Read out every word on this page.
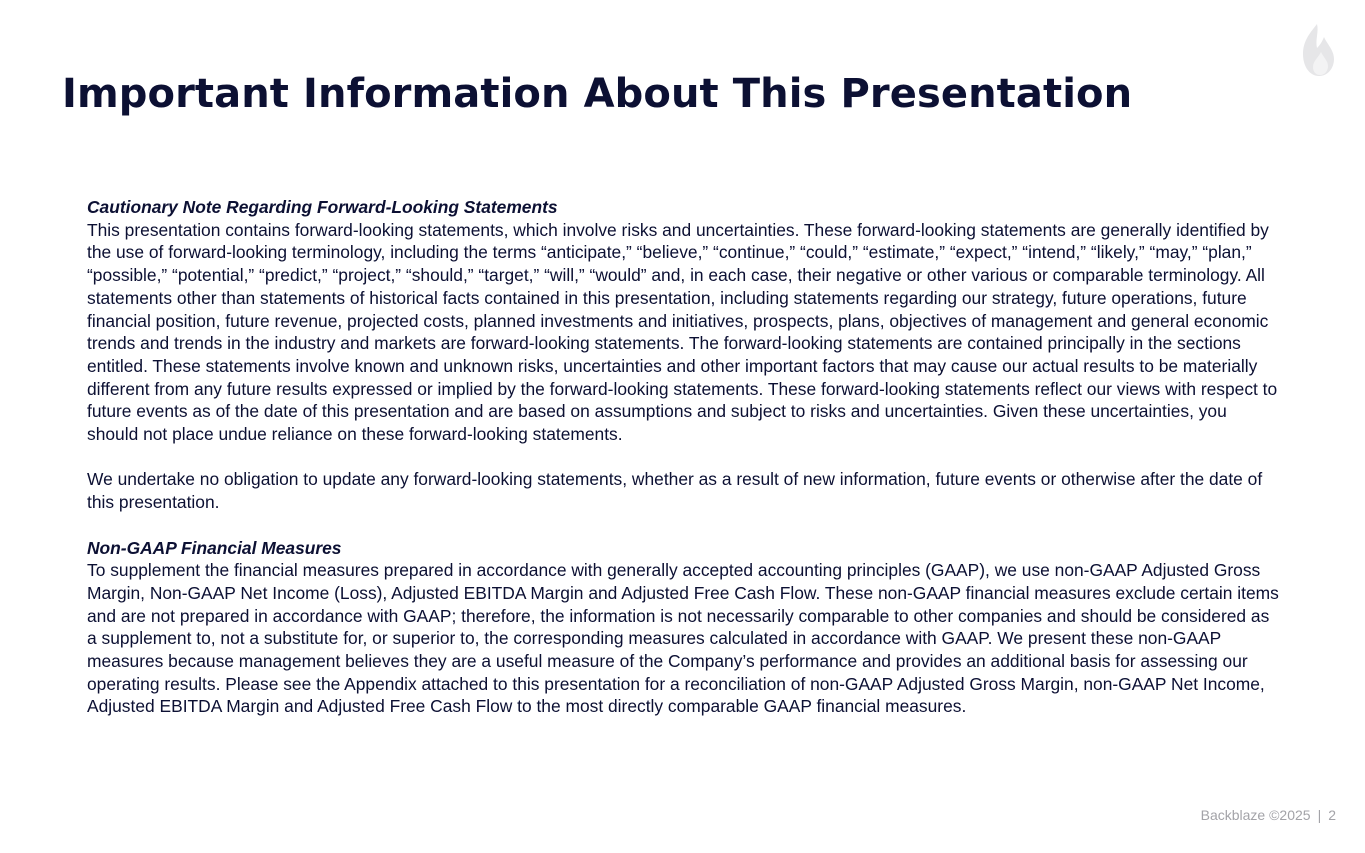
Important Information About This Presentation

Cautionary Note Regarding Forward-Looking Statements

This presentation contains forward-looking statements, which involve risks and uncertainties. These forward-looking statements are generally identified by the use of forward-looking terminology, including the terms “anticipate,” “believe,” “continue,” “could,” “estimate,” “expect,” “intend,” “likely,” “may,” “plan,” “possible,” “potential,” “predict,” “project,” “should,” “target,” “will,” “would” and, in each case, their negative or other various or comparable terminology. All statements other than statements of historical facts contained in this presentation, including statements regarding our strategy, future operations, future financial position, future revenue, projected costs, planned investments and initiatives, prospects, plans, objectives of management and general economic trends and trends in the industry and markets are forward-looking statements. The forward-looking statements are contained principally in the sections entitled. These statements involve known and unknown risks, uncertainties and other important factors that may cause our actual results to be materially different from any future results expressed or implied by the forward-looking statements. These forward-looking statements reflect our views with respect to future events as of the date of this presentation and are based on assumptions and subject to risks and uncertainties. Given these uncertainties, you should not place undue reliance on these forward-looking statements.

We undertake no obligation to update any forward-looking statements, whether as a result of new information, future events or otherwise after the date of this presentation.

Non-GAAP Financial Measures

To supplement the financial measures prepared in accordance with generally accepted accounting principles (GAAP), we use non-GAAP Adjusted Gross Margin, Non-GAAP Net Income (Loss), Adjusted EBITDA Margin and Adjusted Free Cash Flow. These non-GAAP financial measures exclude certain items and are not prepared in accordance with GAAP; therefore, the information is not necessarily comparable to other companies and should be considered as a supplement to, not a substitute for, or superior to, the corresponding measures calculated in accordance with GAAP. We present these non-GAAP measures because management believes they are a useful measure of the Company’s performance and provides an additional basis for assessing our operating results. Please see the Appendix attached to this presentation for a reconciliation of non-GAAP Adjusted Gross Margin, non-GAAP Net Income, Adjusted EBITDA Margin and Adjusted Free Cash Flow to the most directly comparable GAAP financial measures.

Backblaze ©2025 | 2
